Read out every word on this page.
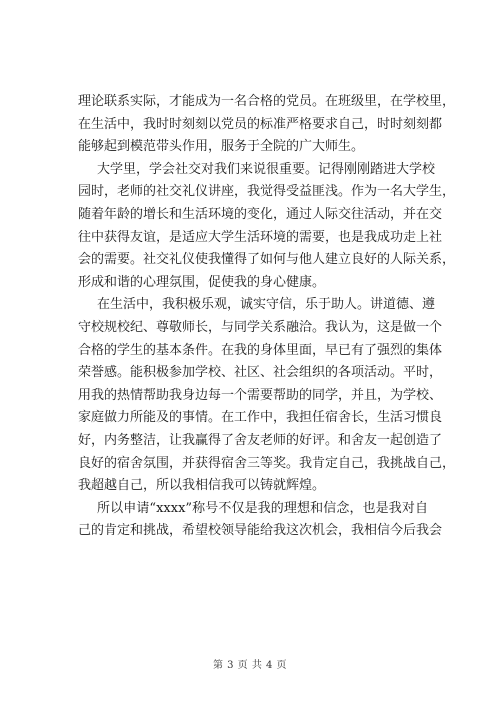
理论联系实际，才能成为一名合格的党员。在班级里，在学校里，
在生活中，我时时刻刻以党员的标准严格要求自己，时时刻刻都
能够起到模范带头作用，服务于全院的广大师生。
大学里，学会社交对我们来说很重要。记得刚刚踏进大学校
园时，老师的社交礼仪讲座，我觉得受益匪浅。作为一名大学生，
随着年龄的增长和生活环境的变化，通过人际交往活动，并在交
往中获得友谊，是适应大学生活环境的需要，也是我成功走上社
会的需要。社交礼仪使我懂得了如何与他人建立良好的人际关系，
形成和谐的心理氛围，促使我的身心健康。
在生活中，我积极乐观，诚实守信，乐于助人。讲道德、遵
守校规校纪、尊敬师长，与同学关系融洽。我认为，这是做一个
合格的学生的基本条件。在我的身体里面，早已有了强烈的集体
荣誉感。能积极参加学校、社区、社会组织的各项活动。平时，
用我的热情帮助我身边每一个需要帮助的同学，并且，为学校、
家庭做力所能及的事情。在工作中，我担任宿舍长，生活习惯良
好，内务整洁，让我赢得了舍友老师的好评。和舍友一起创造了
良好的宿舍氛围，并获得宿舍三等奖。我肯定自己，我挑战自己，
我超越自己，所以我相信我可以铸就辉煌。
所以申请“xxxx”称号不仅是我的理想和信念，也是我对自
己的肯定和挑战，希望校领导能给我这次机会，我相信今后我会
第 3 页 共 4 页
